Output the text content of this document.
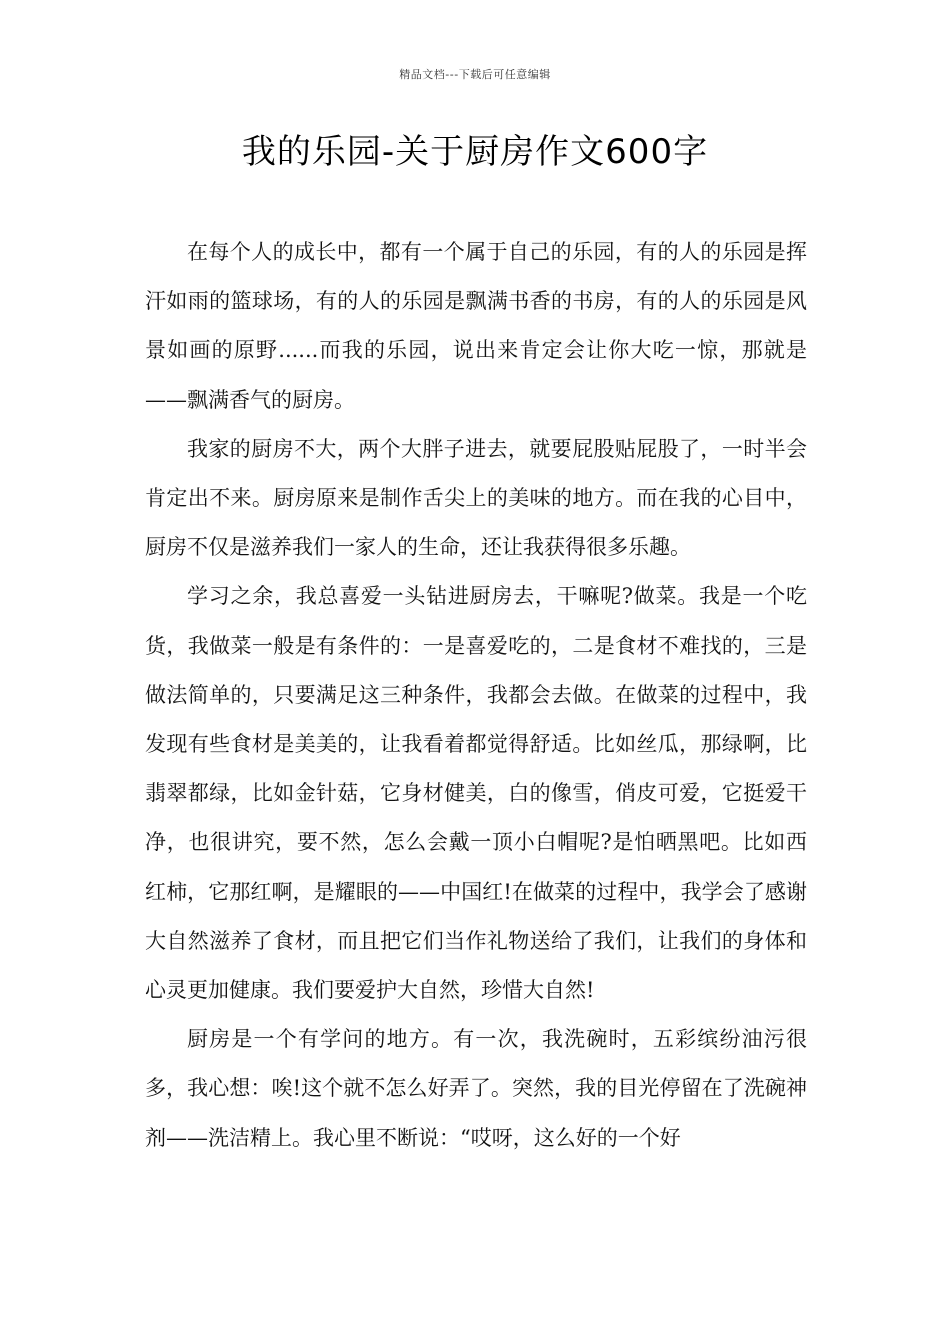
精品文档---下载后可任意编辑
我的乐园-关于厨房作文600字

在每个人的成长中，都有一个属于自己的乐园，有的人的乐园是挥汗如雨的篮球场，有的人的乐园是飘满书香的书房，有的人的乐园是风景如画的原野......而我的乐园，说出来肯定会让你大吃一惊，那就是——飘满香气的厨房。

我家的厨房不大，两个大胖子进去，就要屁股贴屁股了，一时半会肯定出不来。厨房原来是制作舌尖上的美味的地方。而在我的心目中，厨房不仅是滋养我们一家人的生命，还让我获得很多乐趣。

学习之余，我总喜爱一头钻进厨房去，干嘛呢?做菜。我是一个吃货，我做菜一般是有条件的：一是喜爱吃的，二是食材不难找的，三是做法简单的，只要满足这三种条件，我都会去做。在做菜的过程中，我发现有些食材是美美的，让我看着都觉得舒适。比如丝瓜，那绿啊，比翡翠都绿，比如金针菇，它身材健美，白的像雪，俏皮可爱，它挺爱干净，也很讲究，要不然，怎么会戴一顶小白帽呢?是怕晒黑吧。比如西红柿，它那红啊，是耀眼的——中国红!在做菜的过程中，我学会了感谢大自然滋养了食材，而且把它们当作礼物送给了我们，让我们的身体和心灵更加健康。我们要爱护大自然，珍惜大自然!

厨房是一个有学问的地方。有一次，我洗碗时，五彩缤纷油污很多，我心想：唉!这个就不怎么好弄了。突然，我的目光停留在了洗碗神剂——洗洁精上。我心里不断说：“哎呀，这么好的一个好
